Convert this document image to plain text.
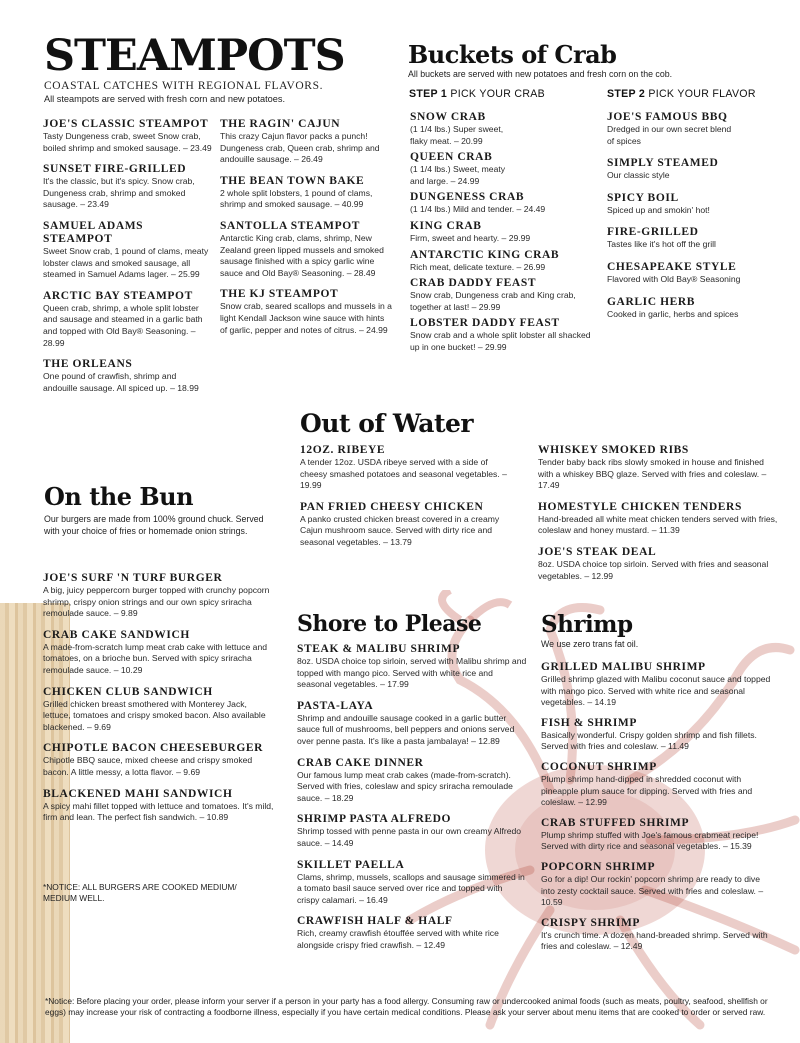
STEAMPOTS
COASTAL CATCHES WITH REGIONAL FLAVORS.
All steampots are served with fresh corn and new potatoes.

JOE'S CLASSIC STEAMPOT

Tasty Dungeness crab, sweet Snow crab, boiled shrimp and smoked sausage. – 23.49

SUNSET FIRE-GRILLED

It's the classic, but it's spicy. Snow crab, Dungeness crab, shrimp and smoked sausage. – 23.49

SAMUEL ADAMS STEAMPOT

Sweet Snow crab, 1 pound of clams, meaty lobster claws and smoked sausage, all steamed in Samuel Adams lager. – 25.99

ARCTIC BAY STEAMPOT

Queen crab, shrimp, a whole split lobster and sausage and steamed in a garlic bath and topped with Old Bay® Seasoning. – 28.99

THE ORLEANS

One pound of crawfish, shrimp and andouille sausage. All spiced up. – 18.99

THE RAGIN' CAJUN

This crazy Cajun flavor packs a punch! Dungeness crab, Queen crab, shrimp and andouille sausage. – 26.49

THE BEAN TOWN BAKE

2 whole split lobsters, 1 pound of clams, shrimp and smoked sausage. – 40.99

SANTOLLA STEAMPOT

Antarctic King crab, clams, shrimp, New Zealand green lipped mussels and smoked sausage finished with a spicy garlic wine sauce and Old Bay® Seasoning. – 28.49

THE KJ STEAMPOT

Snow crab, seared scallops and mussels in a light Kendall Jackson wine sauce with hints of garlic, pepper and notes of citrus. – 24.99

Buckets of Crab
All buckets are served with new potatoes and fresh corn on the cob.
STEP 1 PICK YOUR CRAB	STEP 2 PICK YOUR FLAVOR

SNOW CRAB

(1 1/4 lbs.) Super sweet, flaky meat. – 20.99

QUEEN CRAB

(1 1/4 lbs.) Sweet, meaty and large. – 24.99

DUNGENESS CRAB

(1 1/4 lbs.) Mild and tender. – 24.49

KING CRAB

Firm, sweet and hearty. – 29.99

ANTARCTIC KING CRAB

Rich meat, delicate texture. – 26.99

CRAB DADDY FEAST

Snow crab, Dungeness crab and King crab, together at last! – 29.99

LOBSTER DADDY FEAST

Snow crab and a whole split lobster all shacked up in one bucket! – 29.99

JOE'S FAMOUS BBQ

Dredged in our own secret blend of spices

SIMPLY STEAMED

Our classic style

SPICY BOIL

Spiced up and smokin' hot!

FIRE-GRILLED

Tastes like it's hot off the grill

CHESAPEAKE STYLE

Flavored with Old Bay® Seasoning

GARLIC HERB

Cooked in garlic, herbs and spices

Out of Water

12OZ. RIBEYE

A tender 12oz. USDA ribeye served with a side of cheesy smashed potatoes and seasonal vegetables. – 19.99

PAN FRIED CHEESY CHICKEN

A panko crusted chicken breast covered in a creamy Cajun mushroom sauce. Served with dirty rice and seasonal vegetables. – 13.79

WHISKEY SMOKED RIBS

Tender baby back ribs slowly smoked in house and finished with a whiskey BBQ glaze. Served with fries and coleslaw. – 17.49

HOMESTYLE CHICKEN TENDERS

Hand-breaded all white meat chicken tenders served with fries, coleslaw and honey mustard. – 11.39

JOE'S STEAK DEAL

8oz. USDA choice top sirloin. Served with fries and seasonal vegetables. – 12.99

On the Bun
Our burgers are made from 100% ground chuck. Served with your choice of fries or homemade onion strings.

JOE'S SURF 'N TURF BURGER

A big, juicy peppercorn burger topped with crunchy popcorn shrimp, crispy onion strings and our own spicy sriracha remoulade sauce. – 9.89

CRAB CAKE SANDWICH

A made-from-scratch lump meat crab cake with lettuce and tomatoes, on a brioche bun. Served with spicy sriracha remoulade sauce. – 10.29

CHICKEN CLUB SANDWICH

Grilled chicken breast smothered with Monterey Jack, lettuce, tomatoes and crispy smoked bacon. Also available blackened. – 9.69

CHIPOTLE BACON CHEESEBURGER

Chipotle BBQ sauce, mixed cheese and crispy smoked bacon. A little messy, a lotta flavor. – 9.69

BLACKENED MAHI SANDWICH

A spicy mahi fillet topped with lettuce and tomatoes. It's mild, firm and lean. The perfect fish sandwich. – 10.89

*NOTICE: ALL BURGERS ARE COOKED MEDIUM/ MEDIUM WELL.
Shore to Please

STEAK & MALIBU SHRIMP

8oz. USDA choice top sirloin, served with Malibu shrimp and topped with mango pico. Served with white rice and seasonal vegetables. – 17.99

PASTA-LAYA

Shrimp and andouille sausage cooked in a garlic butter sauce full of mushrooms, bell peppers and onions served over penne pasta. It's like a pasta jambalaya! – 12.89

CRAB CAKE DINNER

Our famous lump meat crab cakes (made-from-scratch). Served with fries, coleslaw and spicy sriracha remoulade sauce. – 18.29

SHRIMP PASTA ALFREDO

Shrimp tossed with penne pasta in our own creamy Alfredo sauce. – 14.49

SKILLET PAELLA

Clams, shrimp, mussels, scallops and sausage simmered in a tomato basil sauce served over rice and topped with crispy calamari. – 16.49

CRAWFISH HALF & HALF

Rich, creamy crawfish étouffée served with white rice alongside crispy fried crawfish. – 12.49

Shrimp
We use zero trans fat oil.

GRILLED MALIBU SHRIMP

Grilled shrimp glazed with Malibu coconut sauce and topped with mango pico. Served with white rice and seasonal vegetables. – 14.19

FISH & SHRIMP

Basically wonderful. Crispy golden shrimp and fish fillets. Served with fries and coleslaw. – 11.49

COCONUT SHRIMP

Plump shrimp hand-dipped in shredded coconut with pineapple plum sauce for dipping. Served with fries and coleslaw. – 12.99

CRAB STUFFED SHRIMP

Plump shrimp stuffed with Joe's famous crabmeat recipe! Served with dirty rice and seasonal vegetables. – 15.39

POPCORN SHRIMP

Go for a dip! Our rockin' popcorn shrimp are ready to dive into zesty cocktail sauce. Served with fries and coleslaw. – 10.59

CRISPY SHRIMP

It's crunch time. A dozen hand-breaded shrimp. Served with fries and coleslaw. – 12.49

*Notice: Before placing your order, please inform your server if a person in your party has a food allergy. Consuming raw or undercooked animal foods (such as meats, poultry, seafood, shellfish or eggs) may increase your risk of contracting a foodborne illness, especially if you have certain medical conditions. Please ask your server about menu items that are cooked to order or served raw.
